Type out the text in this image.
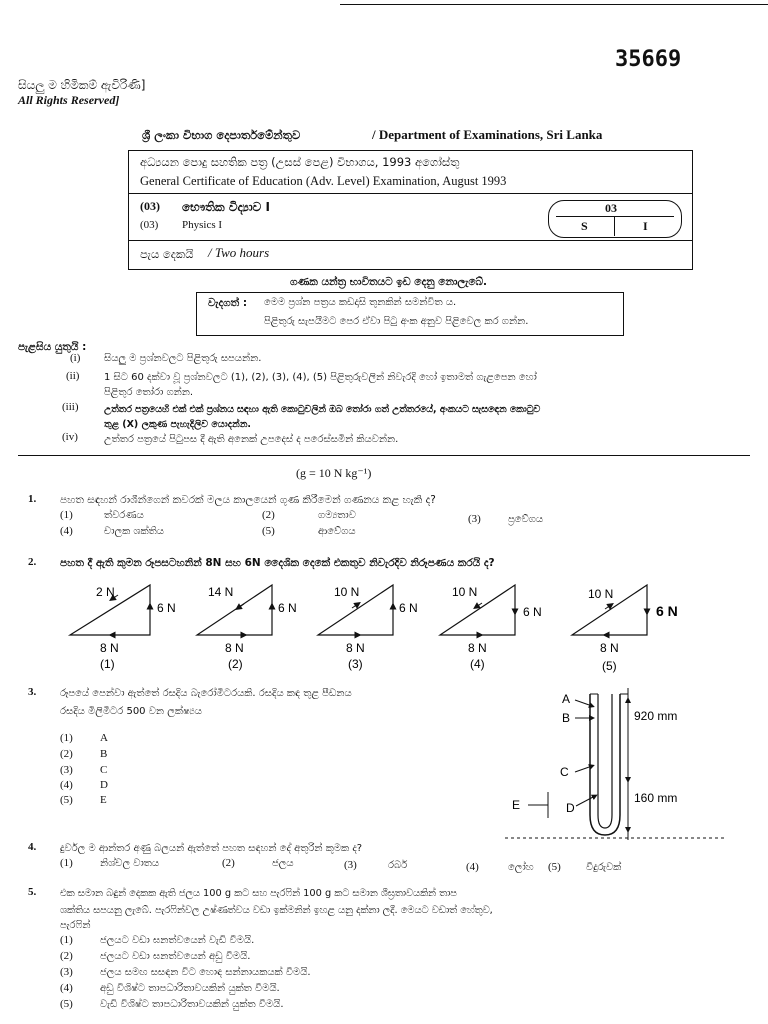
35669
සියලු ම හිමිකම් ඇවිරිණි]
All Rights Reserved]
ශ්‍රී ලංකා විභාග දෙපාර්තමේන්තුව	/ Department of Examinations, Sri Lanka
අධ්‍යයන පොදු සහතික පත්‍ර (උසස් පෙළ) විභාගය, 1993 අගෝස්තු
General Certificate of Education (Adv. Level) Examination, August 1993
(03) භෞතික විද්‍යාව I
(03) Physics I
03
S	I
පැය දෙකයි / Two hours
ගණක යන්ත්‍ර භාවිතයට ඉඩ දෙනු නොලැබේ.
වැදගත් : මෙම ප්‍රශ්න පත්‍රය කඩදාසි තුනකින් සමන්විත ය.
පිළිතුරු සැපයීමට පෙර ඒවා පිටු අංක අනුව පිළිවෙල කර ගන්න.
පැළසිය යුතුයි :
(i) සියලු ම ප්‍රශ්නවලට පිළිතුරු සපයන්න.
(ii) 1 සිට 60 දක්වා වූ ප්‍රශ්නවලට (1), (2), (3), (4), (5) පිළිතුරුවලින් නිවැරදි හෝ ඉතාමත් ගැළපෙන හෝ
පිළිතුර තෝරා ගන්න.
(iii)	උත්තර පත්‍රයෙහි එක් එක් ප්‍රශ්නය සඳහා ඇති කොටුවලින් ඔබ තෝරා ගත් උත්තරයේ, අංකයට සැසඳෙන කොටුව
තුළ (X) ලකුණ පැහැදිලිව යොදන්න.
(iv)	උත්තර පත්‍රයේ පිටුපස දී ඇති අනෙක් උපදෙස් ද පරෙස්සමින් කියවන්න.
(g = 10 N kg⁻¹)
1. පහත සඳහන් රාශීන්ගෙන් කවරක් මලය කාලයෙන් ගුණ කිරීමෙන් ගණනය කළ හැකි ද?
(1)	ත්වරණය	(2)	ගම්‍යතාව	(3)	ප්‍රවේගය
(4)	චාලක ශක්තිය	(5)	ආවේගය
2. පහත දී ඇති කුමන රූපසටහනින් 8N සහ 6N දෛශික දෙකේ එකතුව නිවැරදිව නිරූපණය කරයි ද?
2 N
6 N
8 N
(1)
14 N
6 N
8 N
(2)
10 N
6 N
8 N
(3)
10 N
6 N
8 N
(4)
10 N
6 N
8 N
(5)
3. රූපයේ පෙන්වා ඇත්තේ රසදිය බැරෝමීටරයකි. රසදිය කඳ තුළ පීඩනය
රසදිය මිලිමීටර 500 වන ලක්ෂ්‍යය
(1) A
(2) B
(3) C
(4) D
(5) E
A
B
C
D
E
920 mm
160 mm
4. දුර්වල ම ආන්තර අණු බලයන් ඇත්තේ පහත සඳහන් දේ අතුරින් කුමක ද?
(1)	නිශ්චල වාතය	(2)	ජලය	(3)	රබර්	(4)	ලෝහ (5)	වීදුරුවක්
5. එක සමාන බඳුන් දෙකක ඇති ජලය 100 g කට සහ පැරෆින් 100 g කට සමාන ශීඝ්‍රතාවයකින් තාප
ශක්තිය සපයනු ලැබේ. පැරෆින්වල උෂ්ණත්වය වඩා ඉක්මනින් ඉහළ යනු දක්නා ලදී. මෙයට වඩාත් හේතුව,
පැරෆින්
(1)	ජලයට වඩා ඝනත්වයෙන් වැඩි වීමයි.
(2)	ජලයට වඩා ඝනත්වයෙන් අඩු වීමයි.
(3)	ජලය සමඟ සසඳන විට හොඳ සන්නායකයක් වීමයි.
(4)	අඩු විශිෂ්ට තාපධාරිතාවයකින් යුක්ත වීමයි.
(5)	වැඩි විශිෂ්ට තාපධාරිතාවයකින් යුක්ත වීමයි.
